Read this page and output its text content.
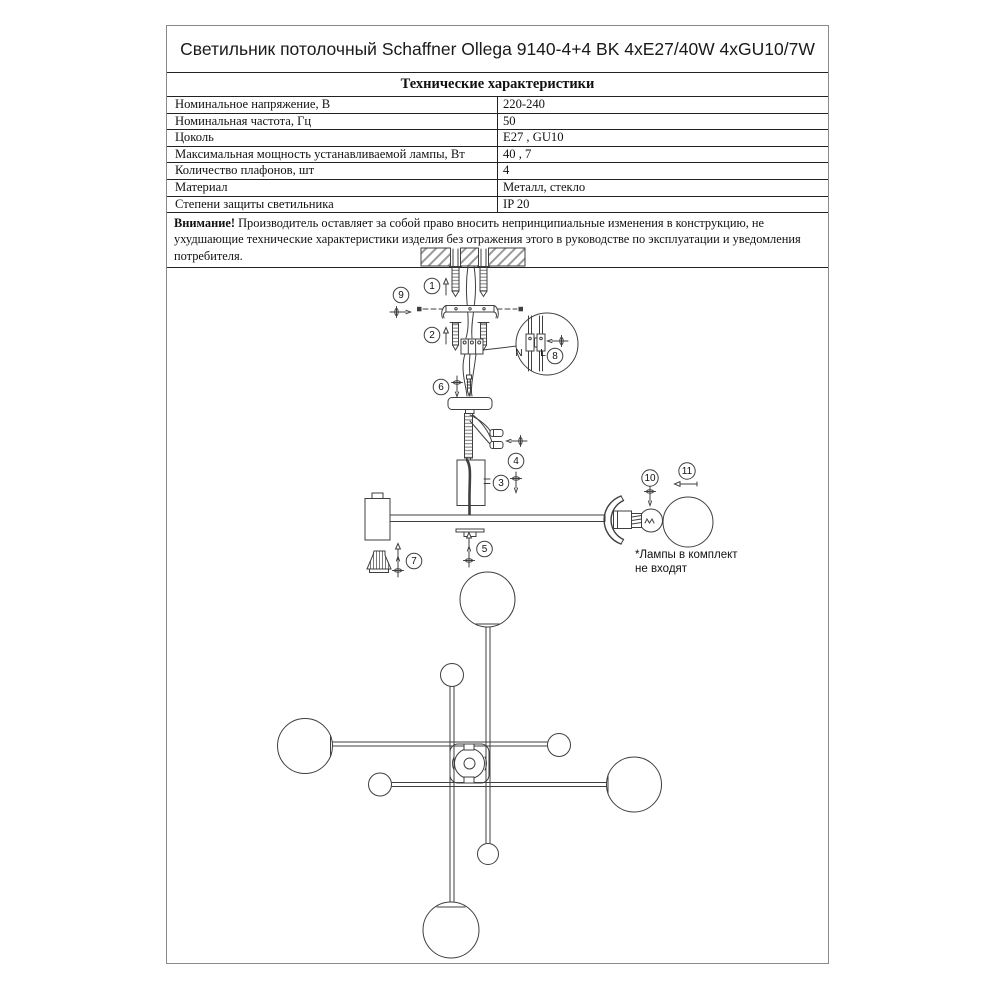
Светильник потолочный Schaffner Ollega 9140-4+4 BK 4xE27/40W 4xGU10/7W
Технические характеристики
Номинальное напряжение, В	220-240
Номинальная частота, Гц	50
Цоколь	E27 , GU10
Максимальная мощность устанавливаемой лампы, Вт	40 , 7
Количество плафонов, шт	4
Материал	Металл, стекло
Степени защиты светильника	IP 20
Внимание! Производитель оставляет за собой право вносить непринципиальные изменения в конструкцию, не ухудшающие технические характеристики изделия без отражения этого в руководстве по эксплуатации и уведомления потребителя.
N L
*Лампы в комплект
не входят
1
2
3
4
5
6
7
8
9
10
11
